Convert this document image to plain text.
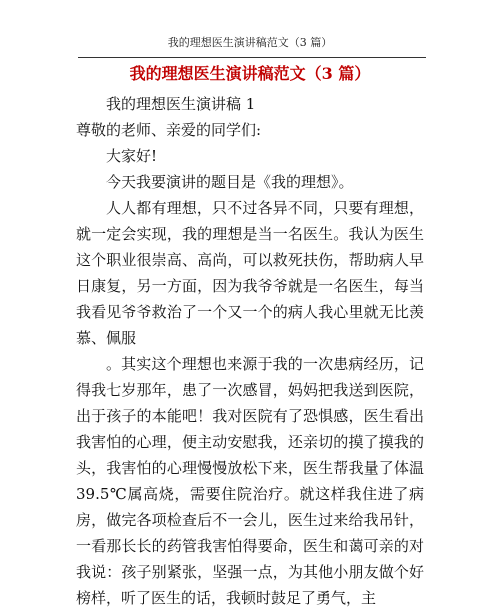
我的理想医生演讲稿范文（3 篇）
我的理想医生演讲稿范文（3 篇）

我的理想医生演讲稿 1

尊敬的老师、亲爱的同学们:

大家好!

今天我要演讲的题目是《我的理想》。

人人都有理想，只不过各异不同，只要有理想，就一定会实现，我的理想是当一名医生。我认为医生这个职业很崇高、高尚，可以救死扶伤，帮助病人早日康复，另一方面，因为我爷爷就是一名医生，每当我看见爷爷救治了一个又一个的病人我心里就无比羡慕、佩服

。其实这个理想也来源于我的一次患病经历，记得我七岁那年，患了一次感冒，妈妈把我送到医院，出于孩子的本能吧！我对医院有了恐惧感，医生看出我害怕的心理，便主动安慰我，还亲切的摸了摸我的头，我害怕的心理慢慢放松下来，医生帮我量了体温 39.5℃属高烧，需要住院治疗。就这样我住进了病房，做完各项检查后不一会儿，医生过来给我吊针，一看那长长的药管我害怕得要命，医生和蔼可亲的对我说：孩子别紧张，坚强一点，为其他小朋友做个好榜样，听了医生的话，我顿时鼓足了勇气，主
